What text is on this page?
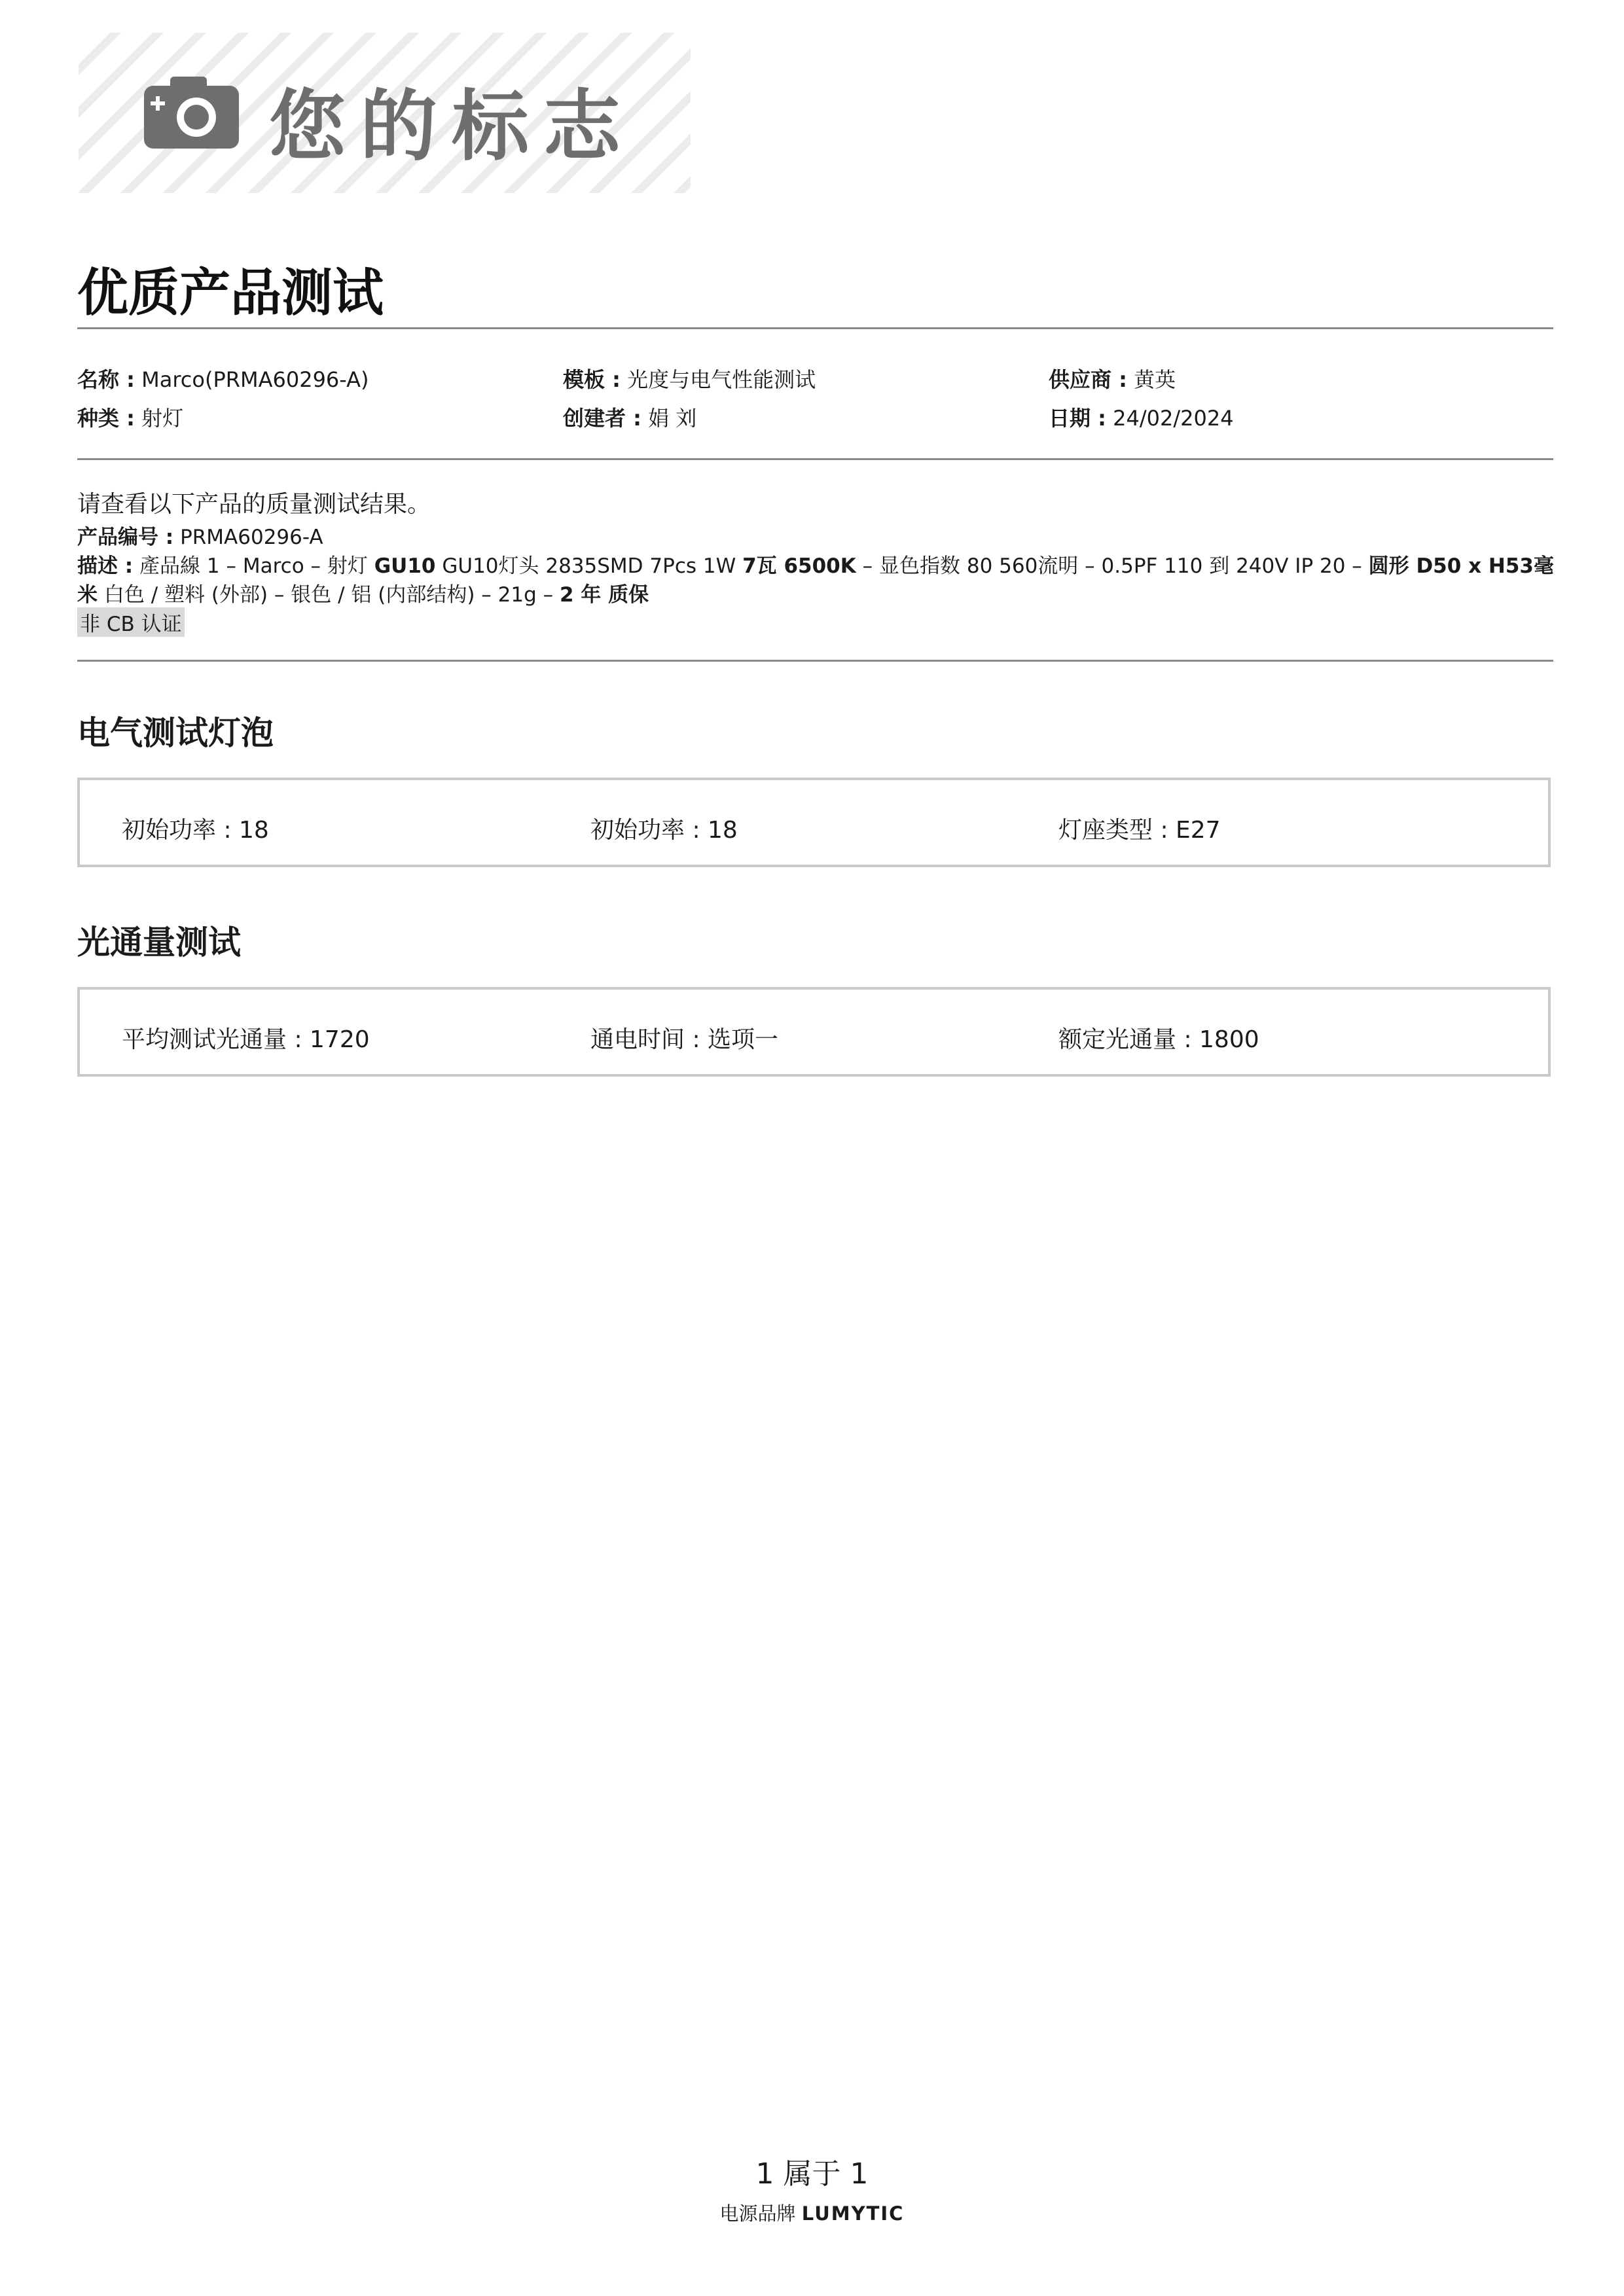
您的标志
优质产品测试
名称 : Marco(PRMA60296-A)	模板 : 光度与电气性能测试	供应商 : 黄英
种类 : 射灯	创建者 : 娟 刘	日期 : 24/02/2024
请查看以下产品的质量测试结果。
产品编号 : PRMA60296-A
描述 : 產品線 1 – Marco – 射灯 GU10 GU10灯头 2835SMD 7Pcs 1W 7瓦 6500K – 显色指数 80 560流明 – 0.5PF 110 到 240V IP 20 – 圆形 D50 x H53毫米 白色 / 塑料 (外部) – 银色 / 铝 (内部结构) – 21g – 2 年 质保
非 CB 认证
电气测试灯泡
初始功率 : 18	初始功率 : 18	灯座类型 : E27
光通量测试
平均测试光通量 : 1720	通电时间 : 选项一	额定光通量 : 1800
1 属于 1
电源品牌 LUMYTIC
